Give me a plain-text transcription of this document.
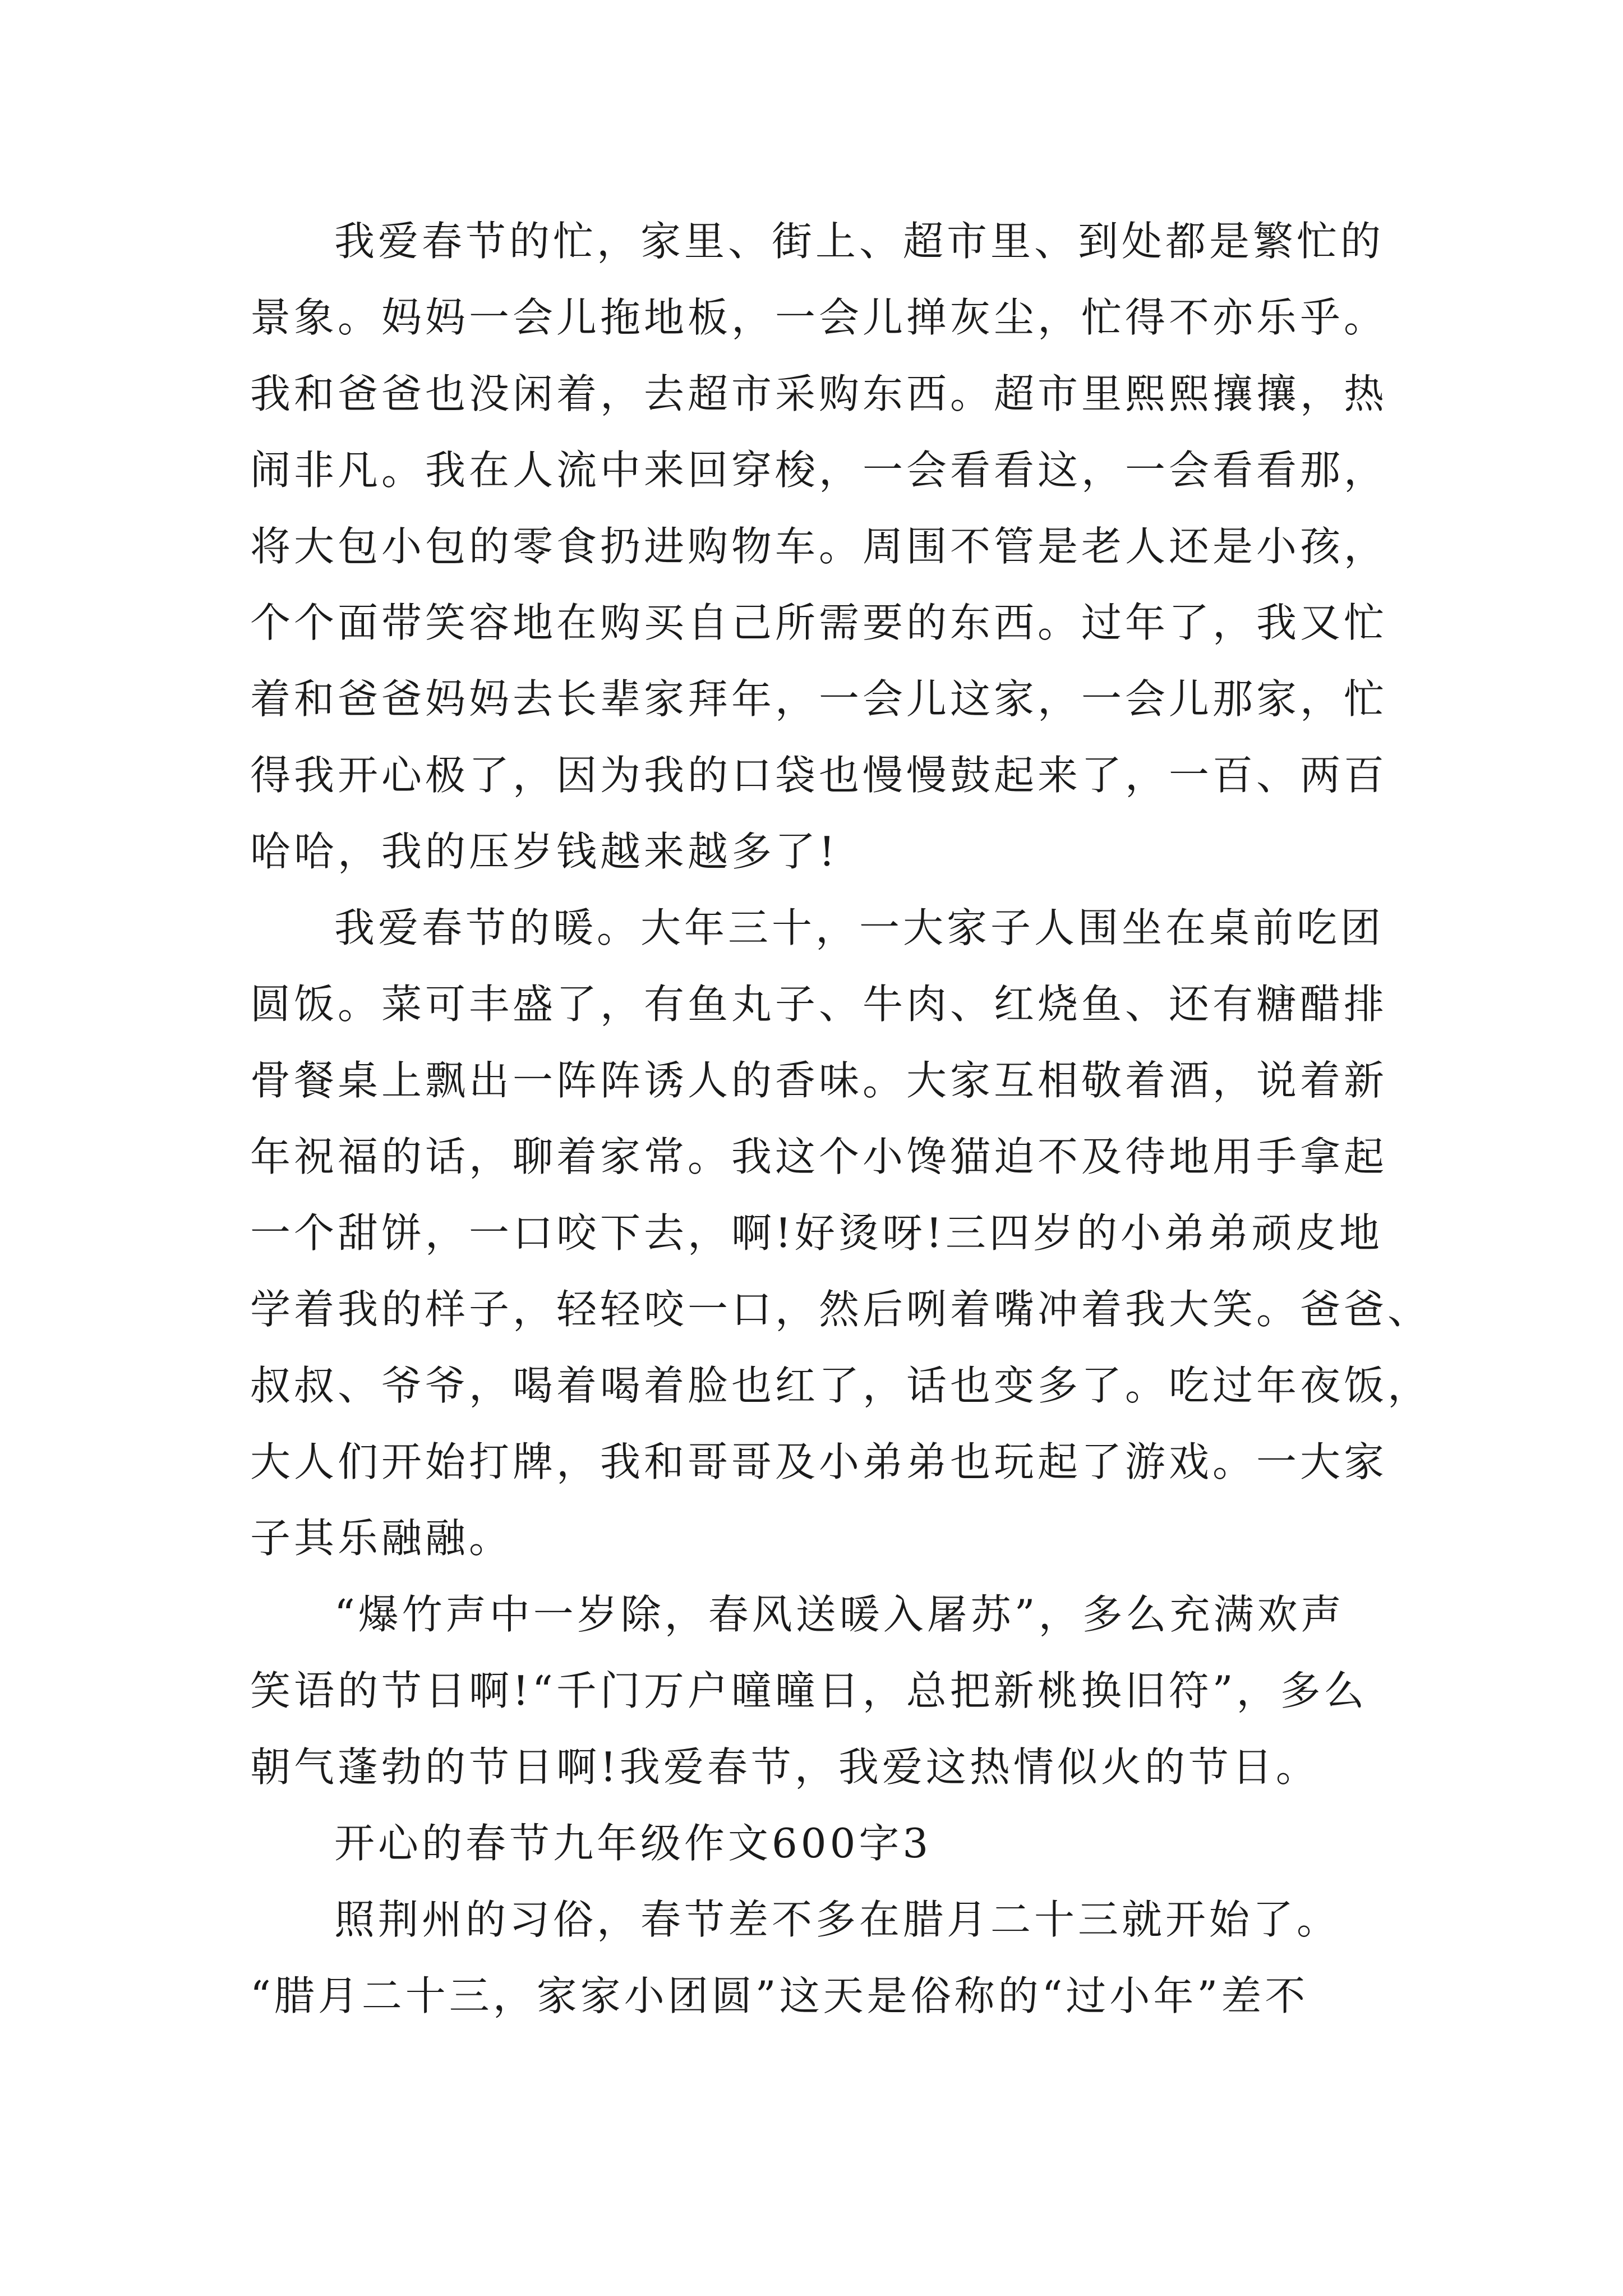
我爱春节的忙，家里、街上、超市里、到处都是繁忙的
景象。妈妈一会儿拖地板，一会儿掸灰尘，忙得不亦乐乎。
我和爸爸也没闲着，去超市采购东西。超市里熙熙攘攘，热
闹非凡。我在人流中来回穿梭，一会看看这，一会看看那，
将大包小包的零食扔进购物车。周围不管是老人还是小孩，
个个面带笑容地在购买自己所需要的东西。过年了，我又忙
着和爸爸妈妈去长辈家拜年，一会儿这家，一会儿那家，忙
得我开心极了，因为我的口袋也慢慢鼓起来了，一百、两百
哈哈，我的压岁钱越来越多了!
我爱春节的暖。大年三十，一大家子人围坐在桌前吃团
圆饭。菜可丰盛了，有鱼丸子、牛肉、红烧鱼、还有糖醋排
骨餐桌上飘出一阵阵诱人的香味。大家互相敬着酒，说着新
年祝福的话，聊着家常。我这个小馋猫迫不及待地用手拿起
一个甜饼，一口咬下去，啊!好烫呀!三四岁的小弟弟顽皮地
学着我的样子，轻轻咬一口，然后咧着嘴冲着我大笑。爸爸、
叔叔、爷爷，喝着喝着脸也红了，话也变多了。吃过年夜饭，
大人们开始打牌，我和哥哥及小弟弟也玩起了游戏。一大家
子其乐融融。
“爆竹声中一岁除，春风送暖入屠苏”，多么充满欢声
笑语的节日啊!“千门万户曈曈日，总把新桃换旧符”，多么
朝气蓬勃的节日啊!我爱春节，我爱这热情似火的节日。
开心的春节九年级作文600字3
照荆州的习俗，春节差不多在腊月二十三就开始了。
“腊月二十三，家家小团圆”这天是俗称的“过小年”差不
